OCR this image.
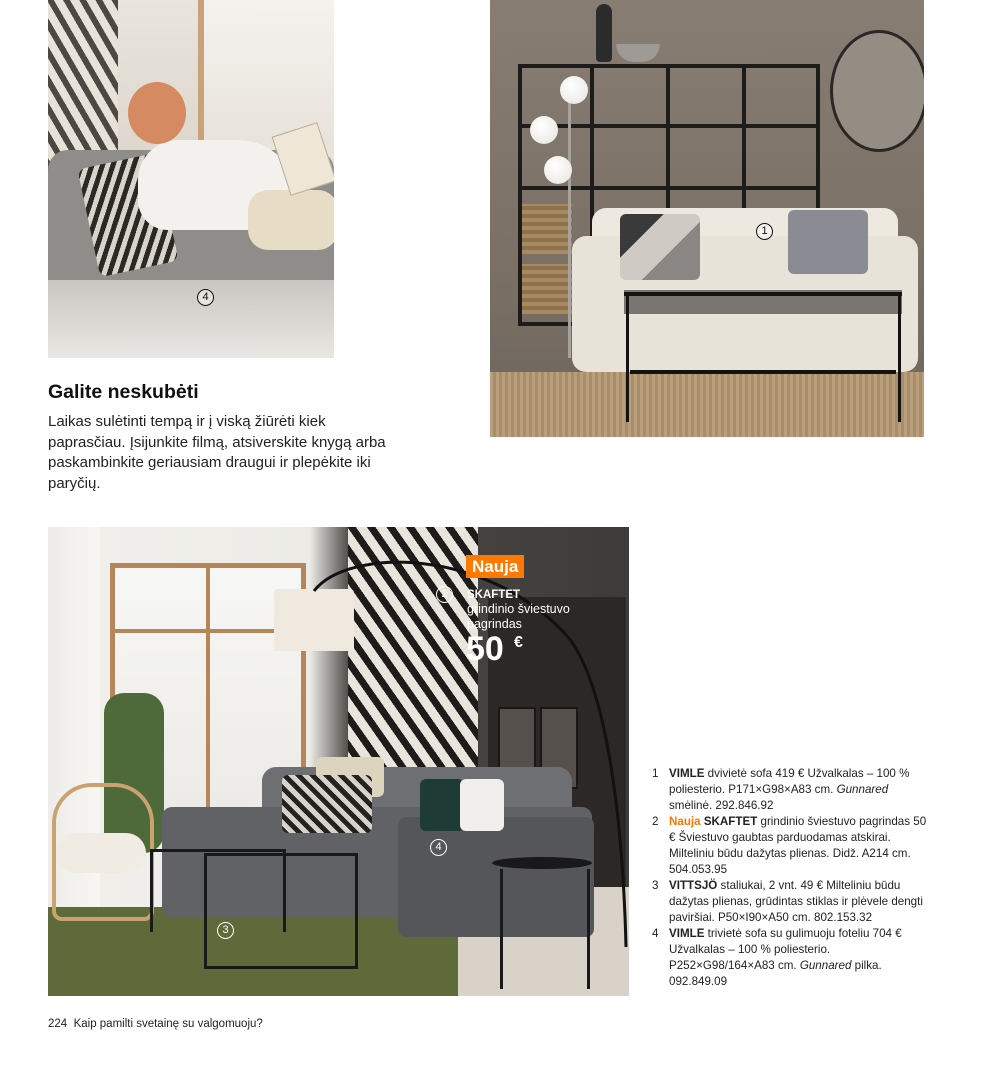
4
1
Galite neskubėti
Laikas sulėtinti tempą ir į viską žiūrėti kiek paprasčiau. Įsijunkite filmą, atsiverskite knygą arba paskambinkite geriausiam draugui ir plepėkite iki paryčių.
2
4
3
Nauja
SKAFTET
grindinio šviestuvo pagrindas
50 €
1 VIMLE dvivietė sofa 419 € Užvalkalas – 100 % poliesterio. P171×G98×A83 cm. Gunnared smėlinė. 292.846.92
2 Nauja SKAFTET grindinio šviestuvo pagrindas 50 € Šviestuvo gaubtas parduodamas atskirai. Milteliniu būdu dažytas plienas. Didž. A214 cm. 504.053.95
3 VITTSJÖ staliukai, 2 vnt. 49 € Milteliniu būdu dažytas plienas, grūdintas stiklas ir plėvele dengti paviršiai. P50×I90×A50 cm. 802.153.32
4 VIMLE trivietė sofa su gulimuoju foteliu 704 € Užvalkalas – 100 % poliesterio. P252×G98/164×A83 cm. Gunnared pilka. 092.849.09
224  Kaip pamilti svetainę su valgomuoju?
